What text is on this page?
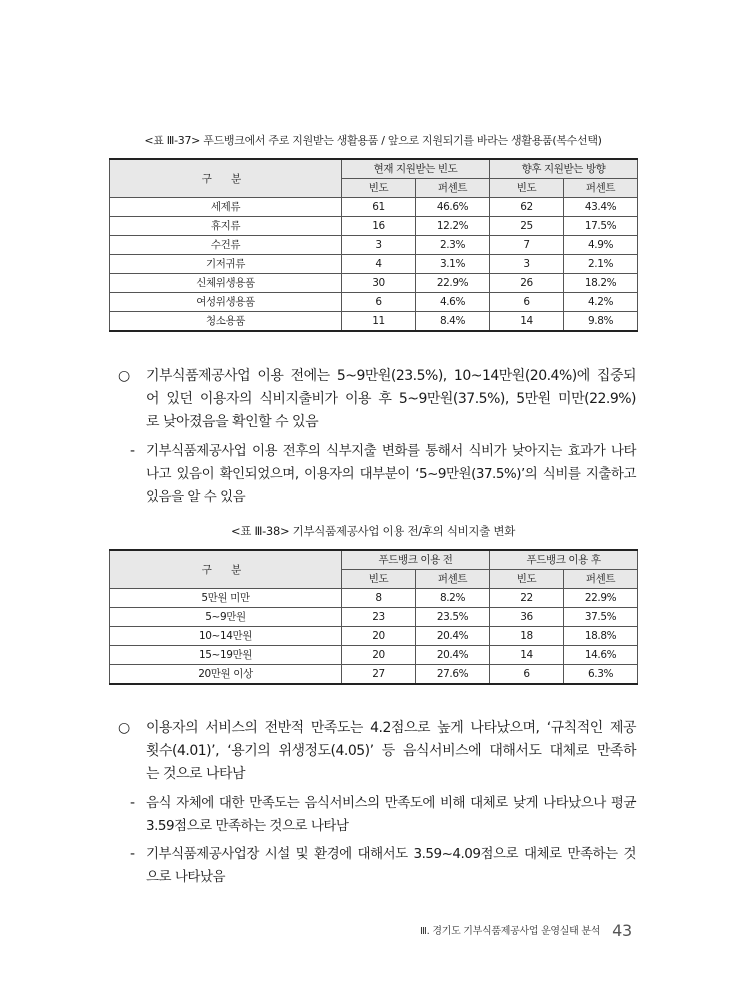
<표 Ⅲ-37> 푸드뱅크에서 주로 지원받는 생활용품 / 앞으로 지원되기를 바라는 생활용품(복수선택)
구 분	현재 지원받는 빈도		향후 지원받는 방향	
	빈도	퍼센트	빈도	퍼센트
세제류	61	46.6%	62	43.4%
휴지류	16	12.2%	25	17.5%
수건류	3	2.3%	7	4.9%
기저귀류	4	3.1%	3	2.1%
신체위생용품	30	22.9%	26	18.2%
여성위생용품	6	4.6%	6	4.2%
청소용품	11	8.4%	14	9.8%
○ 기부식품제공사업 이용 전에는 5~9만원(23.5%), 10~14만원(20.4%)에 집중되
어 있던 이용자의 식비지출비가 이용 후 5~9만원(37.5%), 5만원 미만(22.9%)
로 낮아졌음을 확인할 수 있음
- 기부식품제공사업 이용 전후의 식부지출 변화를 통해서 식비가 낮아지는 효과가 나타
나고 있음이 확인되었으며, 이용자의 대부분이 ‘5~9만원(37.5%)’의 식비를 지출하고
있음을 알 수 있음
<표 Ⅲ-38> 기부식품제공사업 이용 전/후의 식비지출 변화
구 분	푸드뱅크 이용 전		푸드뱅크 이용 후	
	빈도	퍼센트	빈도	퍼센트
5만원 미만	8	8.2%	22	22.9%
5~9만원	23	23.5%	36	37.5%
10~14만원	20	20.4%	18	18.8%
15~19만원	20	20.4%	14	14.6%
20만원 이상	27	27.6%	6	6.3%
○ 이용자의 서비스의 전반적 만족도는 4.2점으로 높게 나타났으며, ‘규칙적인 제공
횟수(4.01)’, ‘용기의 위생정도(4.05)’ 등 음식서비스에 대해서도 대체로 만족하
는 것으로 나타남
- 음식 자체에 대한 만족도는 음식서비스의 만족도에 비해 대체로 낮게 나타났으나 평균
3.59점으로 만족하는 것으로 나타남
- 기부식품제공사업장 시설 및 환경에 대해서도 3.59~4.09점으로 대체로 만족하는 것
으로 나타났음
Ⅲ. 경기도 기부식품제공사업 운영실태 분석 43
